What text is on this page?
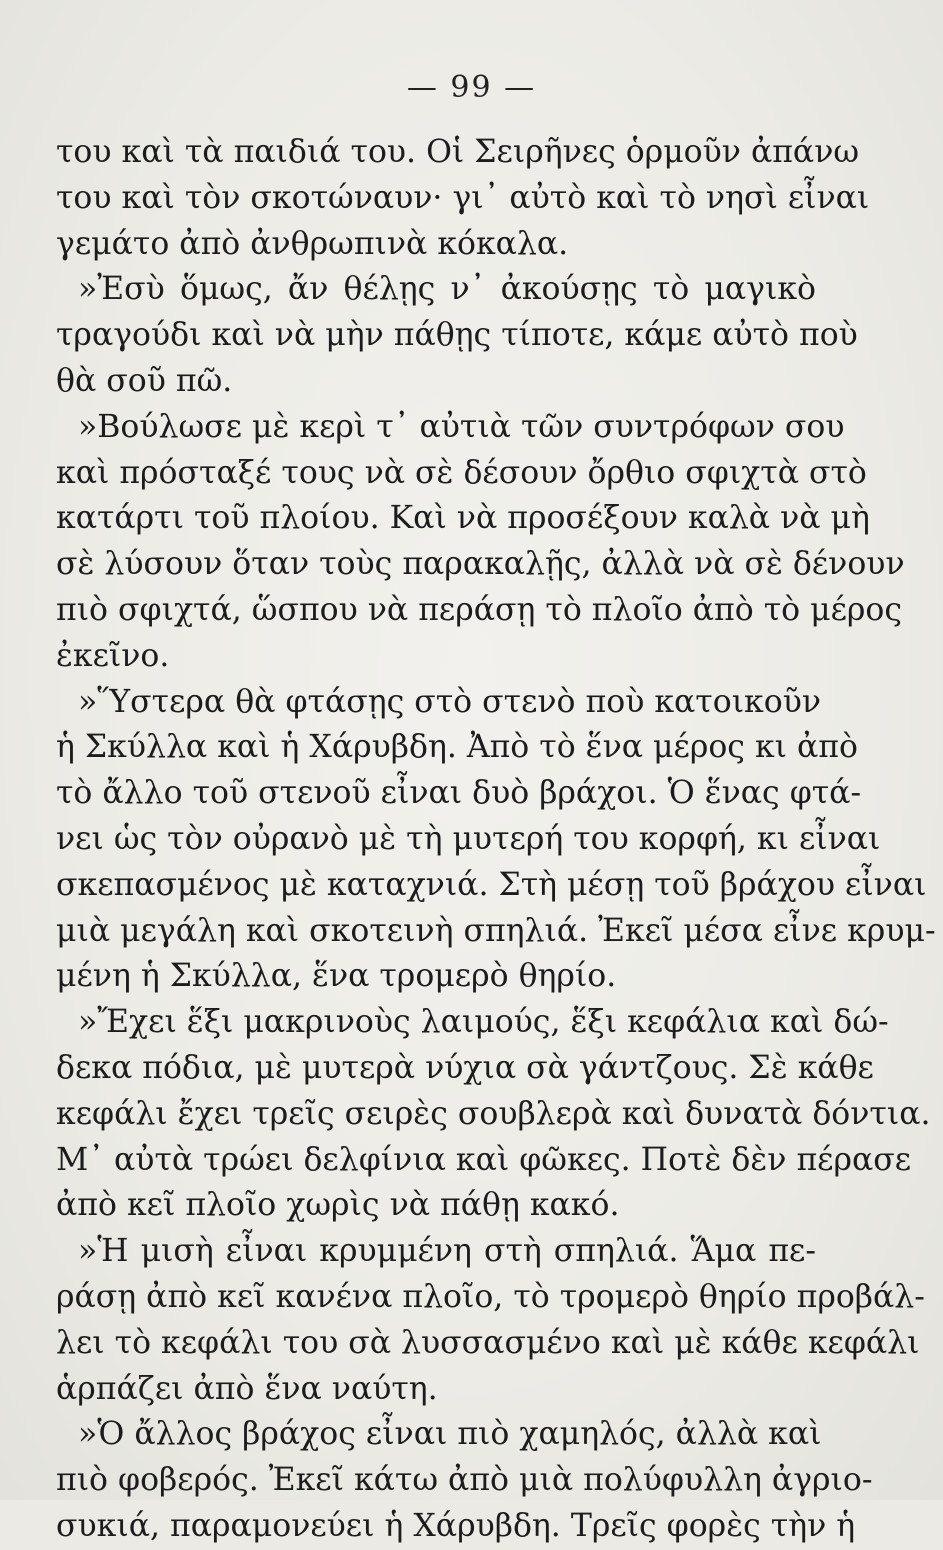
— 99 —
του καὶ τὰ παιδιά του. Οἱ Σειρῆνες ὁρμοῦν ἀπάνω
του καὶ τὸν σκοτώναυν· γι᾽ αὐτὸ καὶ τὸ νησὶ εἶναι
γεμάτο ἀπὸ ἀνθρωπινὰ κόκαλα.
»Ἐσὺ ὅμως, ἄν θέλῃς ν᾽ ἀκούσῃς τὸ μαγικὸ
τραγούδι καὶ νὰ μὴν πάθῃς τίποτε, κάμε αὐτὸ ποὺ
θὰ σοῦ πῶ.
»Βούλωσε μὲ κερὶ τ᾽ αὐτιὰ τῶν συντρόφων σου
καὶ πρόσταξέ τους νὰ σὲ δέσουν ὄρθιο σφιχτὰ στὸ
κατάρτι τοῦ πλοίου. Καὶ νὰ προσέξουν καλὰ νὰ μὴ
σὲ λύσουν ὅταν τοὺς παρακαλῇς, ἀλλὰ νὰ σὲ δένουν
πιὸ σφιχτά, ὥσπου νὰ περάσῃ τὸ πλοῖο ἀπὸ τὸ μέρος
ἐκεῖνο.
»Ὕστερα θὰ φτάσῃς στὸ στενὸ ποὺ κατοικοῦν
ἡ Σκύλλα καὶ ἡ Χάρυβδη. Ἀπὸ τὸ ἕνα μέρος κι ἀπὸ
τὸ ἄλλο τοῦ στενοῦ εἶναι δυὸ βράχοι. Ὁ ἕνας φτά-
νει ὡς τὸν οὐρανὸ μὲ τὴ μυτερή του κορφή, κι εἶναι
σκεπασμένος μὲ καταχνιά. Στὴ μέσῃ τοῦ βράχου εἶναι
μιὰ μεγάλη καὶ σκοτεινὴ σπηλιά. Ἐκεῖ μέσα εἶνε κρυμ-
μένη ἡ Σκύλλα, ἕνα τρομερὸ θηρίο.
»Ἔχει ἕξι μακρινοὺς λαιμούς, ἕξι κεφάλια καὶ δώ-
δεκα πόδια, μὲ μυτερὰ νύχια σὰ γάντζους. Σὲ κάθε
κεφάλι ἔχει τρεῖς σειρὲς σουβλερὰ καὶ δυνατὰ δόντια.
Μ᾽ αὐτὰ τρώει δελφίνια καὶ φῶκες. Ποτὲ δὲν πέρασε
ἀπὸ κεῖ πλοῖο χωρὶς νὰ πάθῃ κακό.
»Ἡ μισὴ εἶναι κρυμμένη στὴ σπηλιά. Ἅμα πε-
ράσῃ ἀπὸ κεῖ κανένα πλοῖο, τὸ τρομερὸ θηρίο προβάλ-
λει τὸ κεφάλι του σὰ λυσσασμένο καὶ μὲ κάθε κεφάλι
ἁρπάζει ἀπὸ ἕνα ναύτη.
»Ὁ ἄλλος βράχος εἶναι πιὸ χαμηλός, ἀλλὰ καὶ
πιὸ φοβερός. Ἐκεῖ κάτω ἀπὸ μιὰ πολύφυλλη ἀγριο-
συκιά, παραμονεύει ἡ Χάρυβδη. Τρεῖς φορὲς τὴν ἡ
